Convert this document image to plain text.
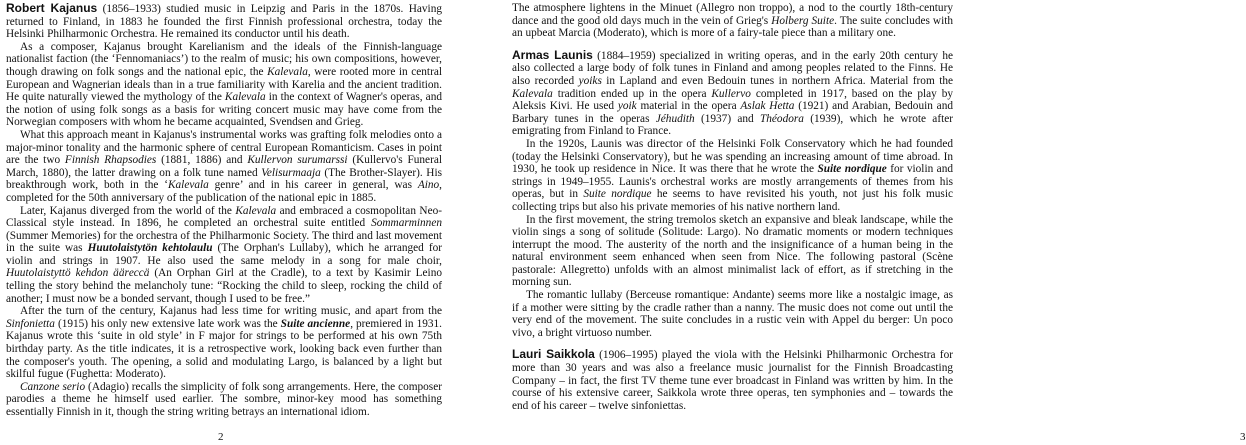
Robert Kajanus (1856–1933) studied music in Leipzig and Paris in the 1870s. Having returned to Finland, in 1883 he founded the first Finnish professional orchestra, today the Helsinki Philharmonic Orchestra. He remained its conductor until his death.

As a composer, Kajanus brought Karelianism and the ideals of the Finnish-language nationalist faction (the ‘Fennomaniacs’) to the realm of music; his own compositions, however, though drawing on folk songs and the national epic, the Kalevala, were rooted more in central European and Wagnerian ideals than in a true familiarity with Karelia and the ancient tradition. He quite naturally viewed the mythology of the Kalevala in the context of Wagner's operas, and the notion of using folk songs as a basis for writing concert music may have come from the Norwegian composers with whom he became acquainted, Svendsen and Grieg.

What this approach meant in Kajanus's instrumental works was grafting folk melodies onto a major-minor tonality and the harmonic sphere of central European Romanticism. Cases in point are the two Finnish Rhapsodies (1881, 1886) and Kullervon surumarssi (Kullervo's Funeral March, 1880), the latter drawing on a folk tune named Velisurmaaja (The Brother-Slayer). His breakthrough work, both in the ‘Kalevala genre’ and in his career in general, was Aino, completed for the 50th anniversary of the publication of the national epic in 1885.

Later, Kajanus diverged from the world of the Kalevala and embraced a cosmopolitan Neo-Classical style instead. In 1896, he completed an orchestral suite entitled Sommarminnen (Summer Memories) for the orchestra of the Philharmonic Society. The third and last movement in the suite was Huutolaistytön kehtolaulu (The Orphan's Lullaby), which he arranged for violin and strings in 1907. He also used the same melody in a song for male choir, Huutolaistyttö kehdon äärессä (An Orphan Girl at the Cradle), to a text by Kasimir Leino telling the story behind the melancholy tune: “Rocking the child to sleep, rocking the child of another; I must now be a bonded servant, though I used to be free.”

After the turn of the century, Kajanus had less time for writing music, and apart from the Sinfonietta (1915) his only new extensive late work was the Suite ancienne, premiered in 1931. Kajanus wrote this ‘suite in old style’ in F major for strings to be performed at his own 75th birthday party. As the title indicates, it is a retrospective work, looking back even further than the composer's youth. The opening, a solid and modulating Largo, is balanced by a light but skilful fugue (Fughetta: Moderato).

Canzone serio (Adagio) recalls the simplicity of folk song arrangements. Here, the composer parodies a theme he himself used earlier. The sombre, minor-key mood has something essentially Finnish in it, though the string writing betrays an international idiom.

2

The atmosphere lightens in the Minuet (Allegro non troppo), a nod to the courtly 18th-century dance and the good old days much in the vein of Grieg's Holberg Suite. The suite concludes with an upbeat Marcia (Moderato), which is more of a fairy-tale piece than a military one.

Armas Launis (1884–1959) specialized in writing operas, and in the early 20th century he also collected a large body of folk tunes in Finland and among peoples related to the Finns. He also recorded yoiks in Lapland and even Bedouin tunes in northern Africa. Material from the Kalevala tradition ended up in the opera Kullervo completed in 1917, based on the play by Aleksis Kivi. He used yoik material in the opera Aslak Hetta (1921) and Arabian, Bedouin and Barbary tunes in the operas Jéhudith (1937) and Théodora (1939), which he wrote after emigrating from Finland to France.

In the 1920s, Launis was director of the Helsinki Folk Conservatory which he had founded (today the Helsinki Conservatory), but he was spending an increasing amount of time abroad. In 1930, he took up residence in Nice. It was there that he wrote the Suite nordique for violin and strings in 1949–1955. Launis's orchestral works are mostly arrangements of themes from his operas, but in Suite nordique he seems to have revisited his youth, not just his folk music collecting trips but also his private memories of his native northern land.

In the first movement, the string tremolos sketch an expansive and bleak landscape, while the violin sings a song of solitude (Solitude: Largo). No dramatic moments or modern techniques interrupt the mood. The austerity of the north and the insignificance of a human being in the natural environment seem enhanced when seen from Nice. The following pastoral (Scène pastorale: Allegretto) unfolds with an almost minimalist lack of effort, as if stretching in the morning sun.

The romantic lullaby (Berceuse romantique: Andante) seems more like a nostalgic image, as if a mother were sitting by the cradle rather than a nanny. The music does not come out until the very end of the movement. The suite concludes in a rustic vein with Appel du berger: Un poco vivo, a bright virtuoso number.

Lauri Saikkola (1906–1995) played the viola with the Helsinki Philharmonic Orchestra for more than 30 years and was also a freelance music journalist for the Finnish Broadcasting Company – in fact, the first TV theme tune ever broadcast in Finland was written by him. In the course of his extensive career, Saikkola wrote three operas, ten symphonies and – towards the end of his career – twelve sinfoniettas.

3
